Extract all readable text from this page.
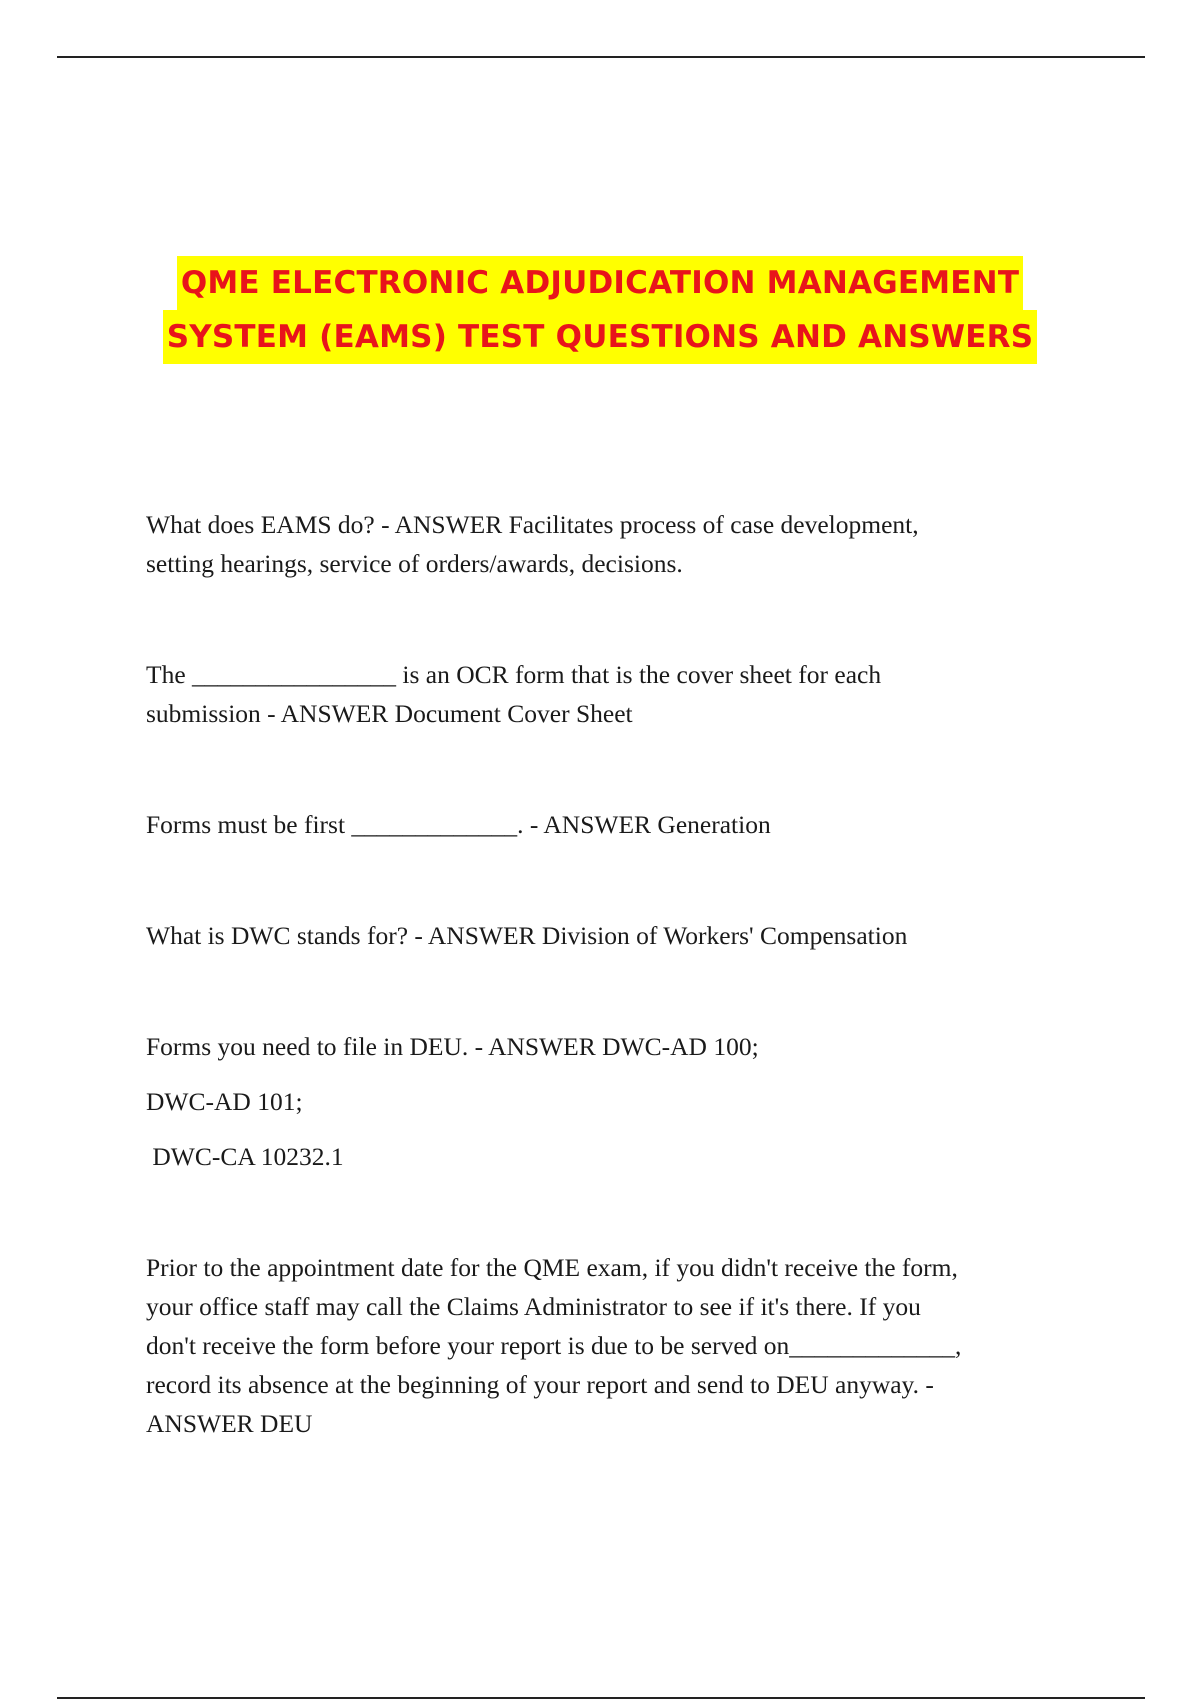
QME ELECTRONIC ADJUDICATION MANAGEMENT
SYSTEM (EAMS) TEST QUESTIONS AND ANSWERS

What does EAMS do? - ANSWER Facilitates process of case development,
setting hearings, service of orders/awards, decisions.

The ________________ is an OCR form that is the cover sheet for each
submission - ANSWER Document Cover Sheet

Forms must be first _____________. - ANSWER Generation

What is DWC stands for? - ANSWER Division of Workers' Compensation

Forms you need to file in DEU. - ANSWER DWC-AD 100;
DWC-AD 101;
DWC-CA 10232.1

Prior to the appointment date for the QME exam, if you didn't receive the form,
your office staff may call the Claims Administrator to see if it's there. If you
don't receive the form before your report is due to be served on_____________,
record its absence at the beginning of your report and send to DEU anyway. -
ANSWER DEU
